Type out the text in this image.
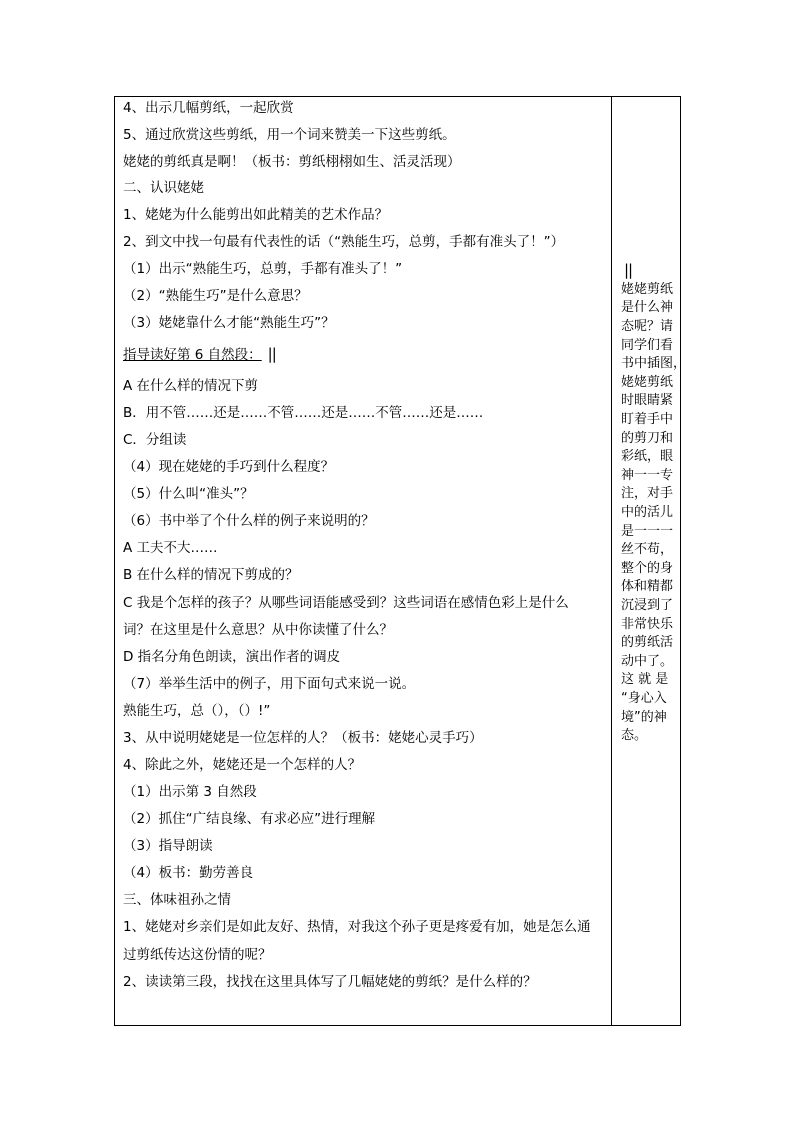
4、出示几幅剪纸，一起欣赏
5、通过欣赏这些剪纸，用一个词来赞美一下这些剪纸。
姥姥的剪纸真是啊！（板书：剪纸栩栩如生、活灵活现）
二、认识姥姥
1、姥姥为什么能剪出如此精美的艺术作品？
2、到文中找一句最有代表性的话（“熟能生巧，总剪，手都有准头了！”）
（1）出示“熟能生巧，总剪，手都有准头了！”
（2）“熟能生巧”是什么意思？
（3）姥姥靠什么才能“熟能生巧”？
指导读好第 6 自然段： ||
A 在什么样的情况下剪
B．用不管……还是……不管……还是……不管……还是……
C．分组读
（4）现在姥姥的手巧到什么程度？
（5）什么叫“准头”？
（6）书中举了个什么样的例子来说明的？
A 工夫不大……
B 在什么样的情况下剪成的？
C 我是个怎样的孩子？从哪些词语能感受到？这些词语在感情色彩上是什么
词？在这里是什么意思？从中你读懂了什么？
D 指名分角色朗读，演出作者的调皮
（7）举举生活中的例子，用下面句式来说一说。
熟能生巧，总（），（）!”
3、从中说明姥姥是一位怎样的人？（板书：姥姥心灵手巧）
4、除此之外，姥姥还是一个怎样的人？
（1）出示第 3 自然段
（2）抓住“广结良缘、有求必应”进行理解
（3）指导朗读
（4）板书：勤劳善良
三、体味祖孙之情
1、姥姥对乡亲们是如此友好、热情，对我这个孙子更是疼爱有加，她是怎么通
过剪纸传达这份情的呢？
2、读读第三段，找找在这里具体写了几幅姥姥的剪纸？是什么样的？
||
姥姥剪纸
是什么神
态呢？请
同学们看
书中插图，
姥姥剪纸
时眼睛紧
盯着手中
的剪刀和
彩纸，眼
神一一专
注，对手
中的活儿
是一一一
丝不苟，
整个的身
体和精都
沉浸到了
非常快乐
的剪纸活
动中了。
这 就 是
“身心入
境”的神
态。
